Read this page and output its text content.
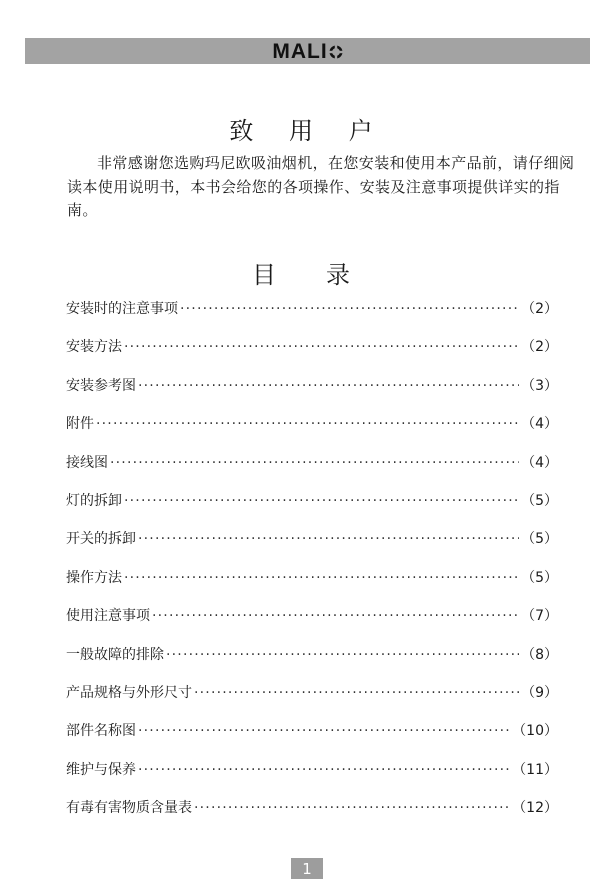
MALI
致 用 户

非常感谢您选购玛尼欧吸油烟机，在您安装和使用本产品前，请仔细阅读本使用说明书，本书会给您的各项操作、安装及注意事项提供详实的指南。

目 录
安装时的注意事项 ·····	（2）
安装方法 ·····	（2）
安装参考图 ·····	（3）
附件 ·····	（4）
接线图 ·····	（4）
灯的拆卸 ·····	（5）
开关的拆卸 ·····	（5）
操作方法 ·····	（5）
使用注意事项 ·····	（7）
一般故障的排除 ·····	（8）
产品规格与外形尺寸 ·····	（9）
部件名称图 ·····	（10）
维护与保养 ·····	（11）
有毒有害物质含量表 ·····	（12）
1
